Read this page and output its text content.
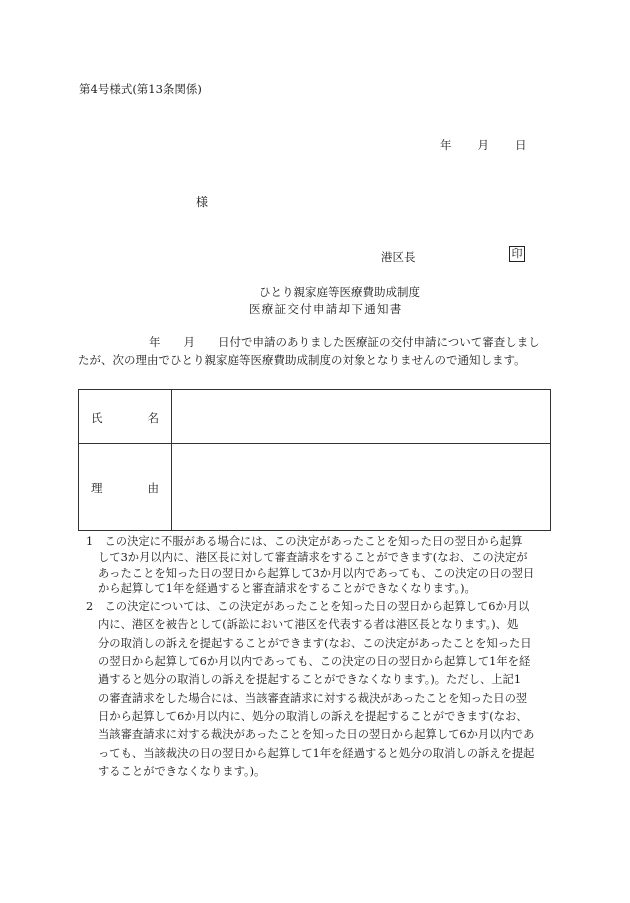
第4号様式(第13条関係)
年 月 日
様
港区長	印
ひとり親家庭等医療費助成制度
医療証交付申請却下通知書
年　　月　　日付で申請のありました医療証の交付申請について審査しまし
たが、次の理由でひとり親家庭等医療費助成制度の対象となりませんので通知します。
氏	名
理	由
1　この決定に不服がある場合には、この決定があったことを知った日の翌日から起算
して3か月以内に、港区長に対して審査請求をすることができます(なお、この決定が
あったことを知った日の翌日から起算して3か月以内であっても、この決定の日の翌日
から起算して1年を経過すると審査請求をすることができなくなります。)。
2　この決定については、この決定があったことを知った日の翌日から起算して6か月以
内に、港区を被告として(訴訟において港区を代表する者は港区長となります。)、処
分の取消しの訴えを提起することができます(なお、この決定があったことを知った日
の翌日から起算して6か月以内であっても、この決定の日の翌日から起算して1年を経
過すると処分の取消しの訴えを提起することができなくなります。)。ただし、上記1
の審査請求をした場合には、当該審査請求に対する裁決があったことを知った日の翌
日から起算して6か月以内に、処分の取消しの訴えを提起することができます(なお、
当該審査請求に対する裁決があったことを知った日の翌日から起算して6か月以内であ
っても、当該裁決の日の翌日から起算して1年を経過すると処分の取消しの訴えを提起
することができなくなります。)。
